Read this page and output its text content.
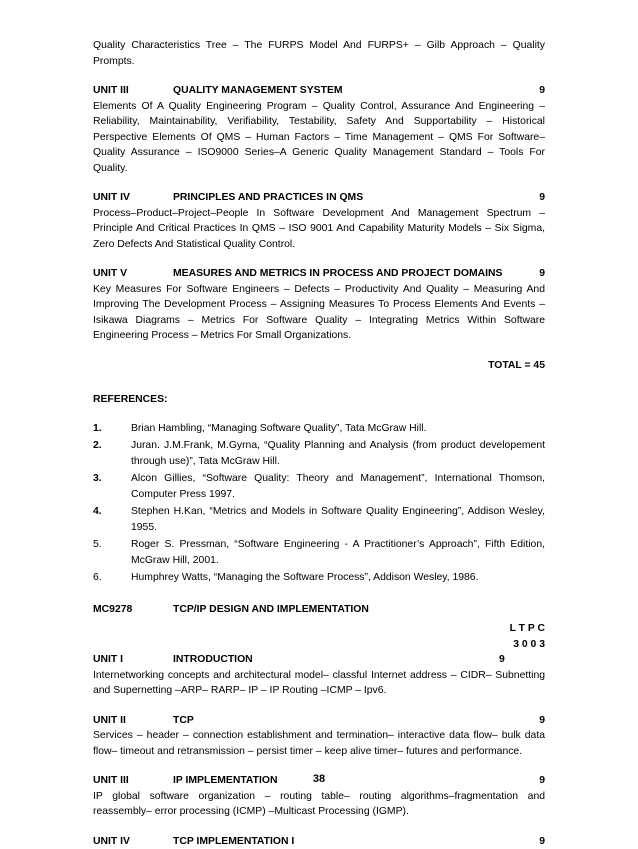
Quality Characteristics Tree – The FURPS Model And FURPS+ – Gilb Approach – Quality Prompts.

UNIT III	QUALITY MANAGEMENT SYSTEM	9

Elements Of A Quality Engineering Program – Quality Control, Assurance And Engineering – Reliability, Maintainability, Verifiability, Testability, Safety And Supportability – Historical Perspective Elements Of QMS – Human Factors – Time Management – QMS For Software–Quality Assurance – ISO9000 Series–A Generic Quality Management Standard – Tools For Quality.

UNIT IV	PRINCIPLES AND PRACTICES IN QMS	9

Process–Product–Project–People In Software Development And Management Spectrum – Principle And Critical Practices In QMS – ISO 9001 And Capability Maturity Models – Six Sigma, Zero Defects And Statistical Quality Control.

UNIT V	MEASURES AND METRICS IN PROCESS AND PROJECT DOMAINS	9

Key Measures For Software Engineers – Defects – Productivity And Quality – Measuring And Improving The Development Process – Assigning Measures To Process Elements And Events – Isikawa Diagrams – Metrics For Software Quality – Integrating Metrics Within Software Engineering Process – Metrics For Small Organizations.

TOTAL = 45
REFERENCES:
1.	Brian Hambling, “Managing Software Quality”, Tata McGraw Hill.
2.	Juran. J.M.Frank, M.Gyrna, “Quality Planning and Analysis (from product developement through use)”, Tata McGraw Hill.
3.	Alcon Gillies, “Software Quality: Theory and Management”, International Thomson, Computer Press 1997.
4.	Stephen H.Kan, “Metrics and Models in Software Quality Engineering”, Addison Wesley, 1955.
5.	Roger S. Pressman, “Software Engineering - A Practitioner’s Approach”, Fifth Edition, McGraw Hill, 2001.
6.	Humphrey Watts, “Managing the Software Process”, Addison Wesley, 1986.
MC9278	TCP/IP DESIGN AND IMPLEMENTATION
L T P C
3 0 0 3
UNIT I	INTRODUCTION	9

Internetworking concepts and architectural model– classful Internet address – CIDR– Subnetting and Supernetting –ARP– RARP– IP – IP Routing –ICMP – Ipv6.

UNIT II	TCP	9

Services – header – connection establishment and termination– interactive data flow– bulk data flow– timeout and retransmission – persist timer – keep alive timer– futures and performance.

UNIT III	IP IMPLEMENTATION	9

IP global software organization – routing table– routing algorithms–fragmentation and reassembly– error processing (ICMP) –Multicast Processing (IGMP).

UNIT IV	TCP IMPLEMENTATION I	9
38
